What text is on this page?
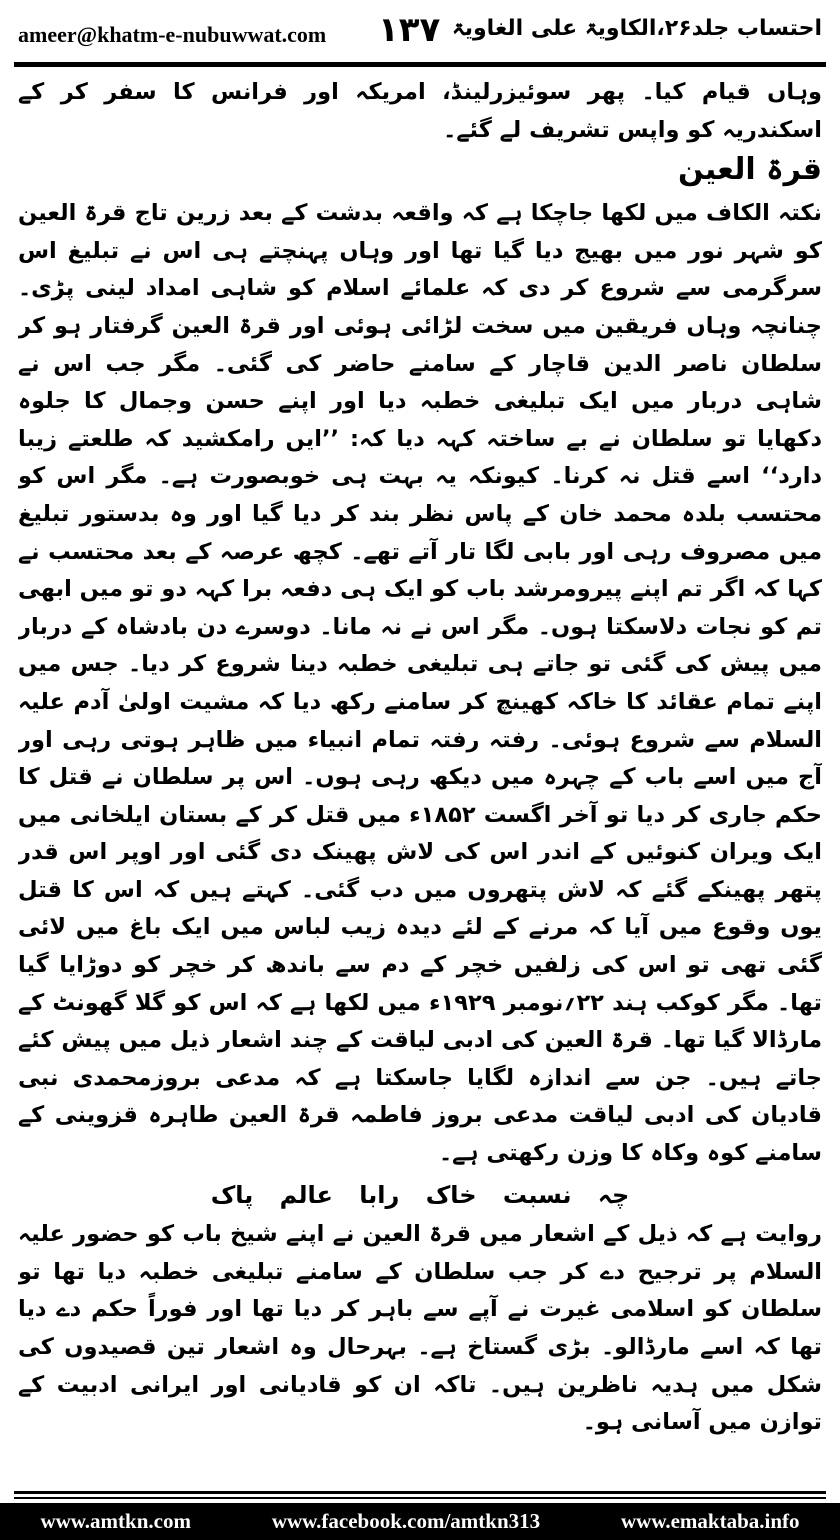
ameer@khatm-e-nubuwwat.com ۱۳۷ احتساب جلد۲۶،الکاویۃ علی الغاویۃ

وہاں قیام کیا۔ پھر سوئیزرلینڈ، امریکہ اور فرانس کا سفر کر کے اسکندریہ کو واپس تشریف لے گئے۔

قرۃ العین

نکتہ الکاف میں لکھا جاچکا ہے کہ واقعہ بدشت کے بعد زرین تاج قرۃ العین کو شہر نور میں بھیج دیا گیا تھا اور وہاں پہنچتے ہی اس نے تبلیغ اس سرگرمی سے شروع کر دی کہ علمائے اسلام کو شاہی امداد لینی پڑی۔ چنانچہ وہاں فریقین میں سخت لڑائی ہوئی اور قرۃ العین گرفتار ہو کر سلطان ناصر الدین قاچار کے سامنے حاضر کی گئی۔ مگر جب اس نے شاہی دربار میں ایک تبلیغی خطبہ دیا اور اپنے حسن وجمال کا جلوہ دکھایا تو سلطان نے بے ساختہ کہہ دیا کہ: ’’ایں رامکشید کہ طلعتے زیبا دارد‘‘ اسے قتل نہ کرنا۔ کیونکہ یہ بہت ہی خوبصورت ہے۔ مگر اس کو محتسب بلدہ محمد خان کے پاس نظر بند کر دیا گیا اور وہ بدستور تبلیغ میں مصروف رہی اور بابی لگا تار آتے تھے۔ کچھ عرصہ کے بعد محتسب نے کہا کہ اگر تم اپنے پیرومرشد باب کو ایک ہی دفعہ برا کہہ دو تو میں ابھی تم کو نجات دلاسکتا ہوں۔ مگر اس نے نہ مانا۔ دوسرے دن بادشاہ کے دربار میں پیش کی گئی تو جاتے ہی تبلیغی خطبہ دینا شروع کر دیا۔ جس میں اپنے تمام عقائد کا خاکہ کھینچ کر سامنے رکھ دیا کہ مشیت اولیٰ آدم علیہ السلام سے شروع ہوئی۔ رفتہ رفتہ تمام انبیاء میں ظاہر ہوتی رہی اور آج میں اسے باب کے چہرہ میں دیکھ رہی ہوں۔ اس پر سلطان نے قتل کا حکم جاری کر دیا تو آخر اگست ۱۸۵۲ء میں قتل کر کے بستان ایلخانی میں ایک ویران کنوئیں کے اندر اس کی لاش پھینک دی گئی اور اوپر اس قدر پتھر پھینکے گئے کہ لاش پتھروں میں دب گئی۔ کہتے ہیں کہ اس کا قتل یوں وقوع میں آیا کہ مرنے کے لئے دیدہ زیب لباس میں ایک باغ میں لائی گئی تھی تو اس کی زلفیں خچر کے دم سے باندھ کر خچر کو دوڑایا گیا تھا۔ مگر کوکب ہند ۲۲؍نومبر ۱۹۲۹ء میں لکھا ہے کہ اس کو گلا گھونٹ کے مارڈالا گیا تھا۔ قرۃ العین کی ادبی لیاقت کے چند اشعار ذیل میں پیش کئے جاتے ہیں۔ جن سے اندازہ لگایا جاسکتا ہے کہ مدعی بروزمحمدی نبی قادیان کی ادبی لیاقت مدعی بروز فاطمہ قرۃ العین طاہرہ قزوینی کے سامنے کوہ وکاہ کا وزن رکھتی ہے۔

چہ نسبت خاک رابا عالم پاک

روایت ہے کہ ذیل کے اشعار میں قرۃ العین نے اپنے شیخ باب کو حضور علیہ السلام پر ترجیح دے کر جب سلطان کے سامنے تبلیغی خطبہ دیا تھا تو سلطان کو اسلامی غیرت نے آپے سے باہر کر دیا تھا اور فوراً حکم دے دیا تھا کہ اسے مارڈالو۔ بڑی گستاخ ہے۔ بہرحال وہ اشعار تین قصیدوں کی شکل میں ہدیہ ناظرین ہیں۔ تاکہ ان کو قادیانی اور ایرانی ادبیت کے توازن میں آسانی ہو۔

www.amtkn.com	www.facebook.com/amtkn313	www.emaktaba.info
